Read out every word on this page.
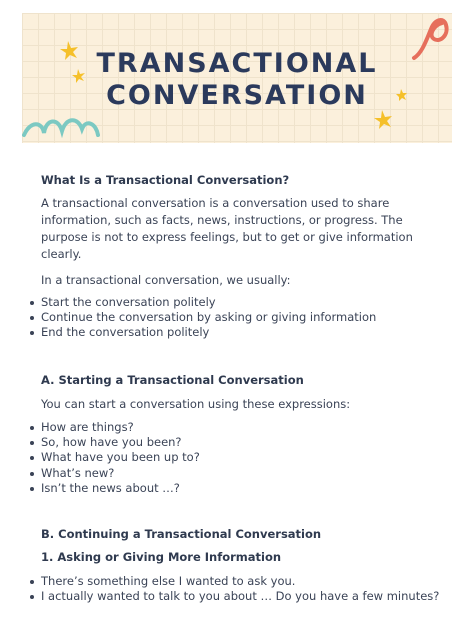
TRANSACTIONAL
CONVERSATION
What Is a Transactional Conversation?
A transactional conversation is a conversation used to share information, such as facts, news, instructions, or progress. The purpose is not to express feelings, but to get or give information clearly.
In a transactional conversation, we usually:
Start the conversation politely
Continue the conversation by asking or giving information
End the conversation politely
A. Starting a Transactional Conversation
You can start a conversation using these expressions:
How are things?
So, how have you been?
What have you been up to?
What’s new?
Isn’t the news about …?
B. Continuing a Transactional Conversation
1. Asking or Giving More Information
There’s something else I wanted to ask you.
I actually wanted to talk to you about … Do you have a few minutes?
